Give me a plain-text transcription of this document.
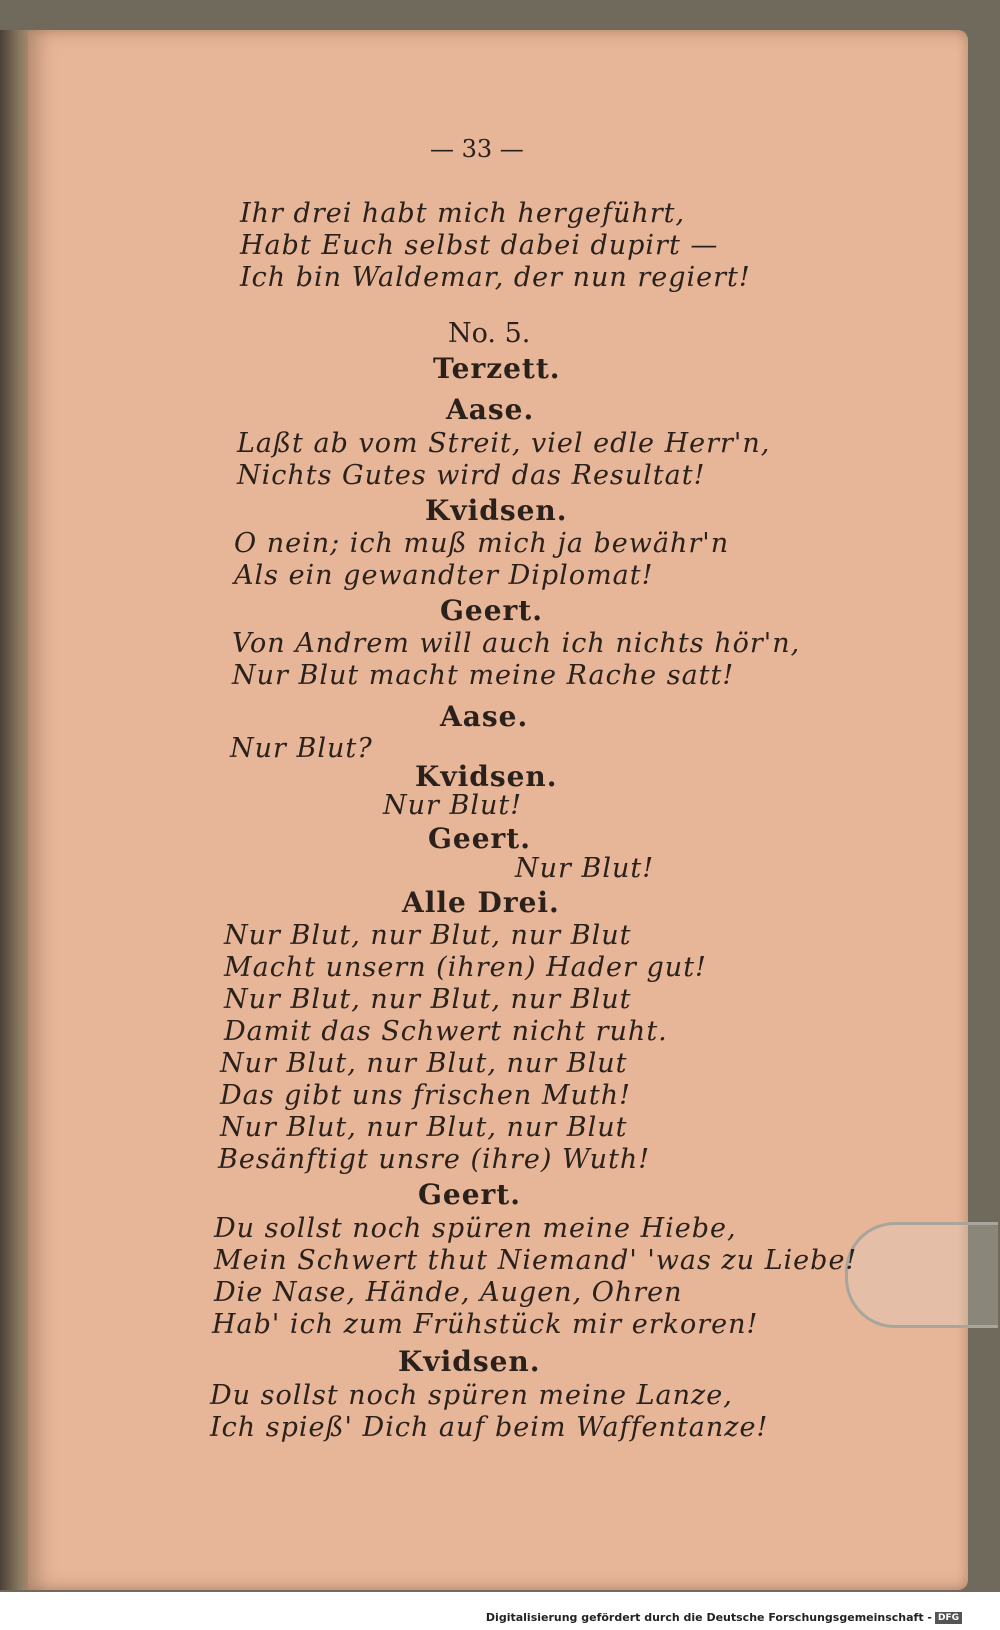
— 33 —
Ihr drei habt mich hergeführt,
Habt Euch selbst dabei dupirt —
Ich bin Waldemar, der nun regiert!
No. 5.
Terzett.
Aase.
Laßt ab vom Streit, viel edle Herr'n,
Nichts Gutes wird das Resultat!
Kvidsen.
O nein; ich muß mich ja bewähr'n
Als ein gewandter Diplomat!
Geert.
Von Andrem will auch ich nichts hör'n,
Nur Blut macht meine Rache satt!
Aase.
Nur Blut?
Kvidsen.
Nur Blut!
Geert.
Nur Blut!
Alle Drei.
Nur Blut, nur Blut, nur Blut
Macht unsern (ihren) Hader gut!
Nur Blut, nur Blut, nur Blut
Damit das Schwert nicht ruht.
Nur Blut, nur Blut, nur Blut
Das gibt uns frischen Muth!
Nur Blut, nur Blut, nur Blut
Besänftigt unsre (ihre) Wuth!
Geert.
Du sollst noch spüren meine Hiebe,
Mein Schwert thut Niemand' 'was zu Liebe!
Die Nase, Hände, Augen, Ohren
Hab' ich zum Frühstück mir erkoren!
Kvidsen.
Du sollst noch spüren meine Lanze,
Ich spieß' Dich auf beim Waffentanze!
Digitalisierung gefördert durch die Deutsche Forschungsgemeinschaft - DFG
